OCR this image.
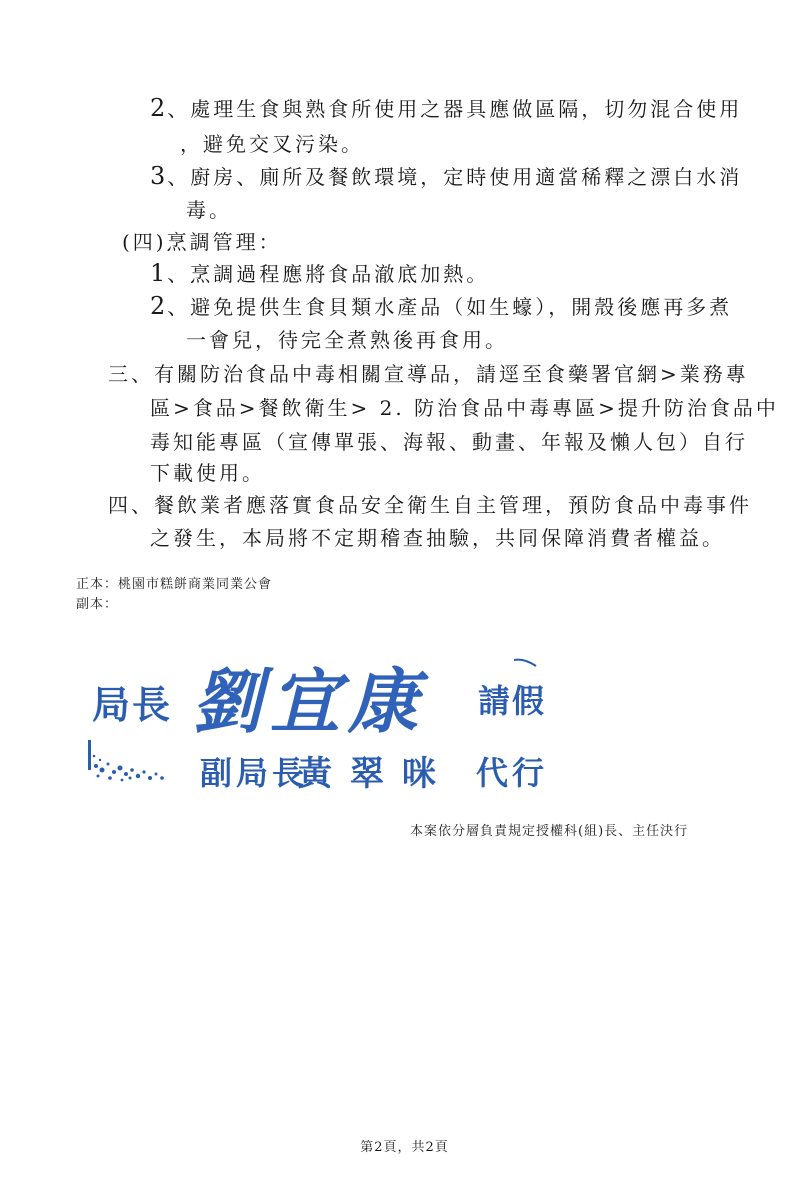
2 、處理生食與熟食所使用之器具應做區隔，切勿混合使用
，避免交叉污染。
3 、廚房、廁所及餐飲環境，定時使用適當稀釋之漂白水消
毒。
(四)烹調管理：
1 、烹調過程應將食品澈底加熱。
2 、避免提供生食貝類水產品（如生蠔），開殼後應再多煮
一會兒，待完全煮熟後再食用。
三、有關防治食品中毒相關宣導品，請逕至食藥署官網>業務專
區>食品>餐飲衛生> 2. 防治食品中毒專區>提升防治食品中
毒知能專區（宣傳單張、海報、動畫、年報及懶人包）自行
下載使用。
四、餐飲業者應落實食品安全衛生自主管理，預防食品中毒事件
之發生，本局將不定期稽查抽驗，共同保障消費者權益。
正本：桃園市糕餅商業同業公會
副本：
局長 劉宜康 請假
副局長
黃翠咪 代行
本案依分層負責規定授權科(組)長、主任決行
第2頁，共2頁
